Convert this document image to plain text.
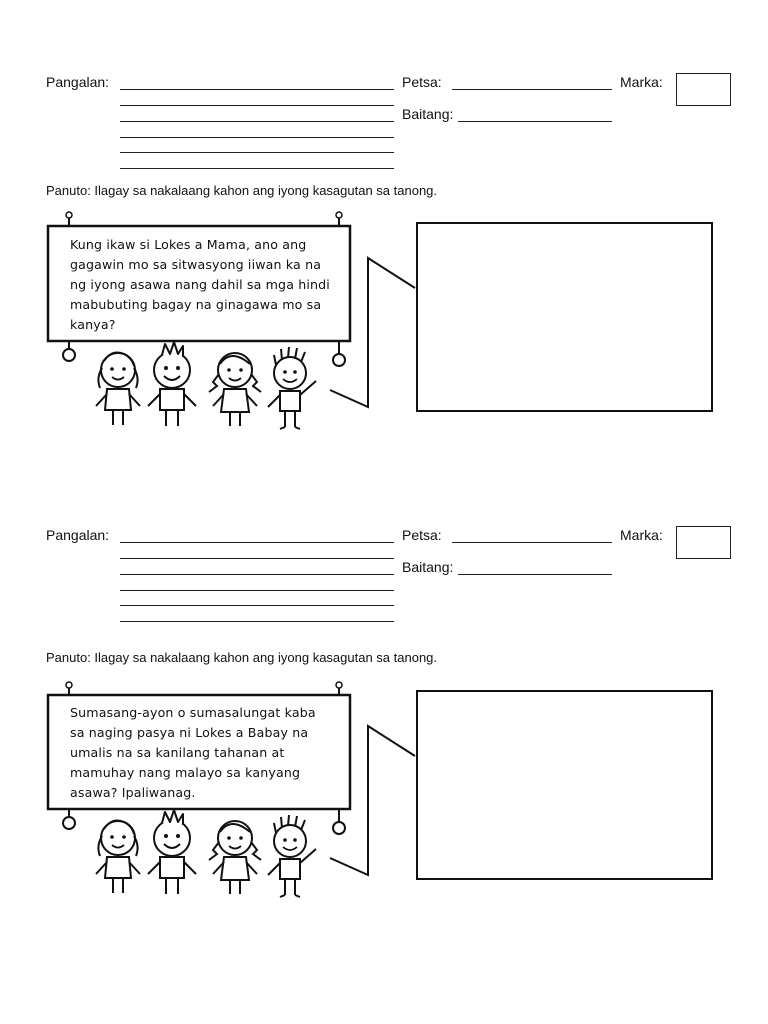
Pangalan:	Petsa:
Baitang:
Marka:
Panuto: Ilagay sa nakalaang kahon ang iyong kasagutan sa tanong.
Kung ikaw si Lokes a Mama, ano ang
gagawin mo sa sitwasyong iiwan ka na
ng iyong asawa nang dahil sa mga hindi
mabubuting bagay na ginagawa mo sa
kanya?
Pangalan:	Petsa:
Baitang:
Marka:
Panuto: Ilagay sa nakalaang kahon ang iyong kasagutan sa tanong.
Sumasang-ayon o sumasalungat kaba
sa naging pasya ni Lokes a Babay na
umalis na sa kanilang tahanan at
mamuhay nang malayo sa kanyang
asawa? Ipaliwanag.
